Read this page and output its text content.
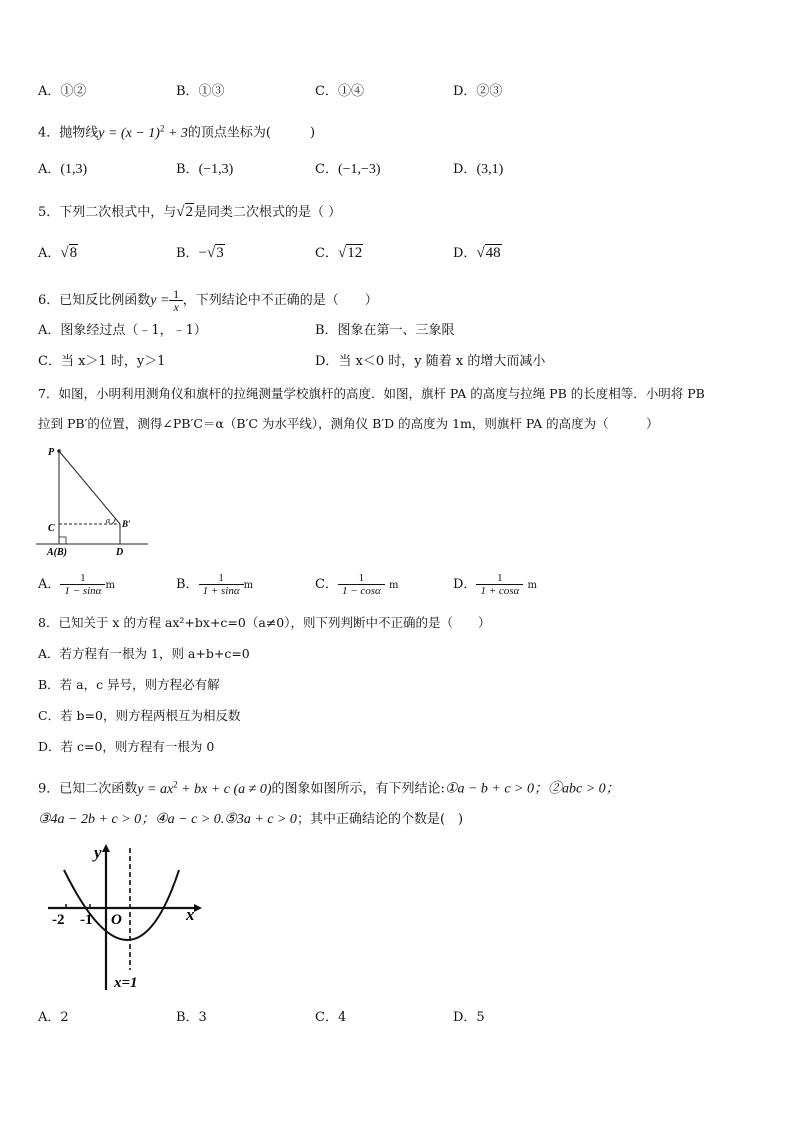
A．①②	B．①③	C．①④	D．②③
4．抛物线$y = (x - 1)^2 + 3$的顶点坐标为(　　　)
A．(1,3)	B．(−1,3)	C．(−1,−3)	D．(3,1)
5．下列二次根式中，与√2是同类二次根式的是（ ）
A．√8	B．−√3	C．√12	D．√48
6．已知反比例函数$y = \frac{1}{x}$ ，下列结论中不正确的是（　　）
A．图象经过点（﹣1，﹣1）	B．图象在第一、三象限
C．当 x＞1 时，y＞1	D．当 x＜0 时，y 随着 x 的增大而减小
7．如图，小明利用测角仪和旗杆的拉绳测量学校旗杆的高度．如图，旗杆 PA 的高度与拉绳 PB 的长度相等．小明将 PB
拉到 PB′的位置，测得∠PB′C＝α（B′C 为水平线），测角仪 B′D 的高度为 1m，则旗杆 PA 的高度为（　　　）
P
C	B′
α
A(B)	D
A． $\frac{1}{1 - \sin\alpha}$ m	B． $\frac{1}{1 + \sin\alpha}$ m	C． $\frac{1}{1 - \cos\alpha}$ m	D． $\frac{1}{1 + \cos\alpha}$ m
8．已知关于 x 的方程 ax²+bx+c=0（a≠0），则下列判断中不正确的是（　　）
A．若方程有一根为 1，则 a+b+c=0
B．若 a，c 异号，则方程必有解
C．若 b=0，则方程两根互为相反数
D．若 c=0，则方程有一根为 0
9．已知二次函数$y = ax^2$ + bx + c (a ≠ 0)的图象如图所示，有下列结论:①a − b + c > 0；②abc > 0；
③4a − 2b + c > 0；④a − c > 0.⑤3a + c > 0；其中正确结论的个数是(　)
y
x
O
-2 -1
x=1
A．2	B．3	C．4	D．5
